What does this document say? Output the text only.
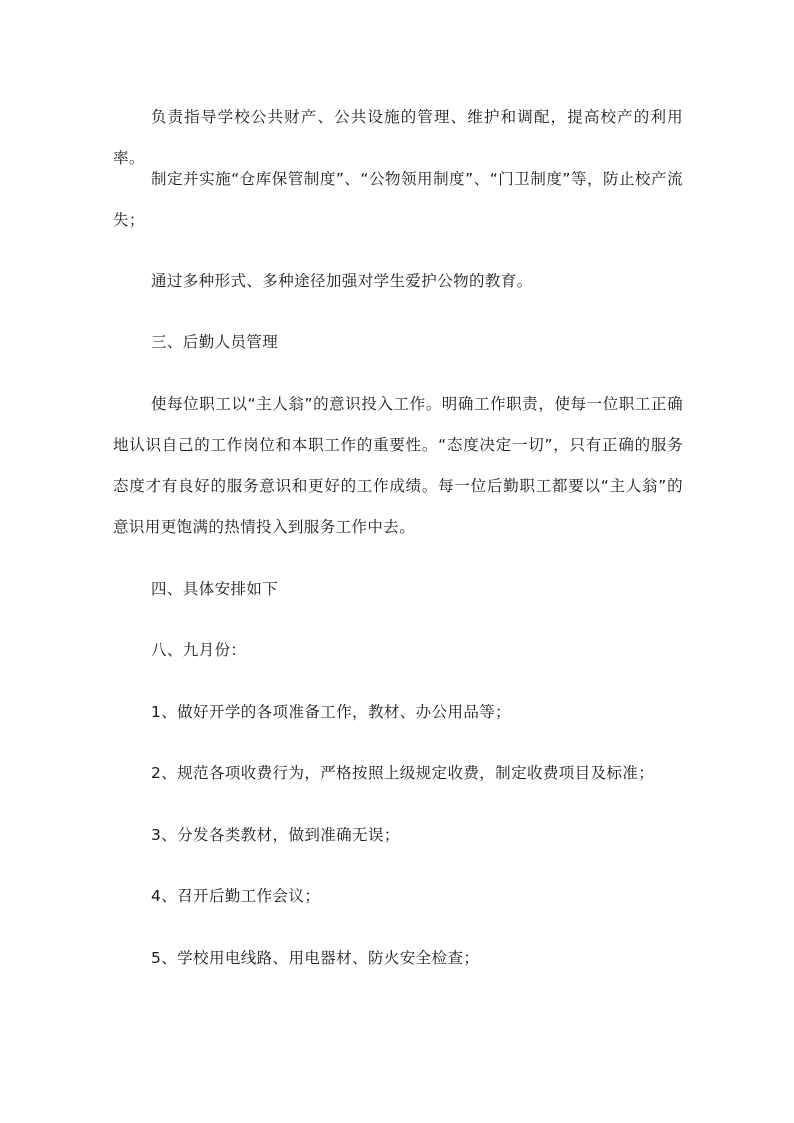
负责指导学校公共财产、公共设施的管理、维护和调配，提高校产的利用率。

制定并实施“仓库保管制度”、“公物领用制度”、“门卫制度”等，防止校产流失；

通过多种形式、多种途径加强对学生爱护公物的教育。

三、后勤人员管理

使每位职工以“主人翁”的意识投入工作。明确工作职责，使每一位职工正确地认识自己的工作岗位和本职工作的重要性。“态度决定一切”，只有正确的服务态度才有良好的服务意识和更好的工作成绩。每一位后勤职工都要以“主人翁”的意识用更饱满的热情投入到服务工作中去。

四、具体安排如下

八、九月份：

1、做好开学的各项准备工作，教材、办公用品等；

2、规范各项收费行为，严格按照上级规定收费，制定收费项目及标准；

3、分发各类教材，做到准确无误；

4、召开后勤工作会议；

5、学校用电线路、用电器材、防火安全检查；
